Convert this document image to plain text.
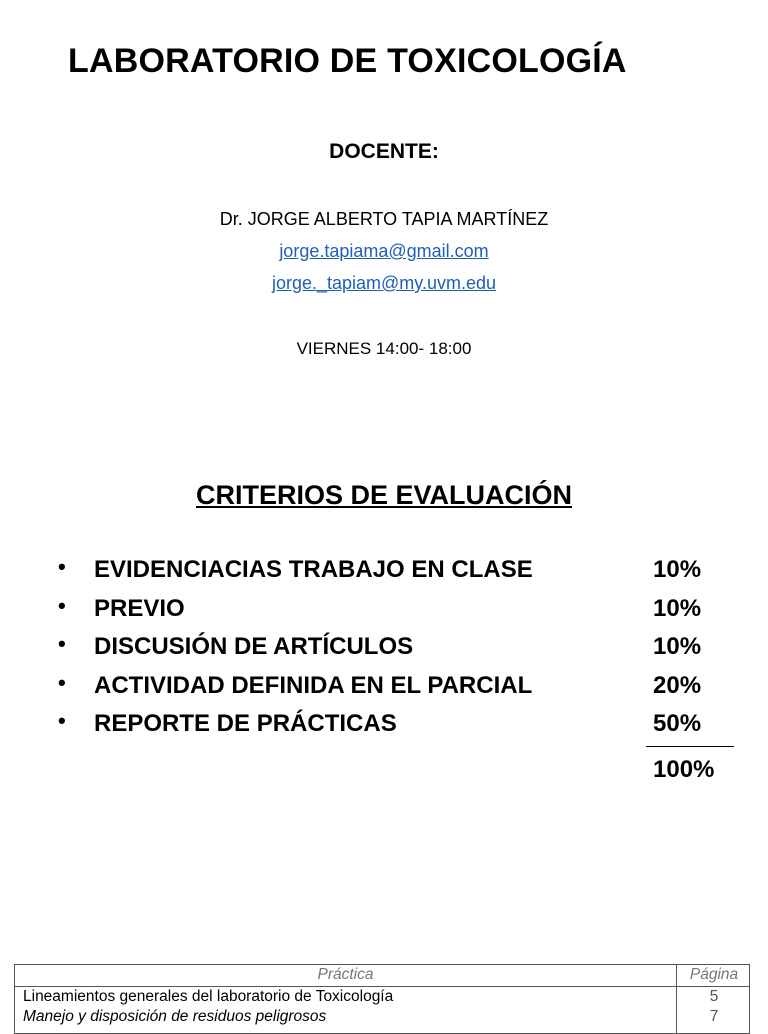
LABORATORIO DE TOXICOLOGÍA
DOCENTE:
Dr. JORGE ALBERTO TAPIA MARTÍNEZ
jorge.tapiama@gmail.com
jorge._tapiam@my.uvm.edu
VIERNES 14:00- 18:00
CRITERIOS DE EVALUACIÓN
• EVIDENCIACIAS TRABAJO EN CLASE	10%
• PREVIO	10%
• DISCUSIÓN DE ARTÍCULOS	10%
• ACTIVIDAD DEFINIDA EN EL PARCIAL	20%
• REPORTE DE PRÁCTICAS	50%
100%
Práctica	Página
Lineamientos generales del laboratorio de Toxicología	5
Manejo y disposición de residuos peligrosos	7
